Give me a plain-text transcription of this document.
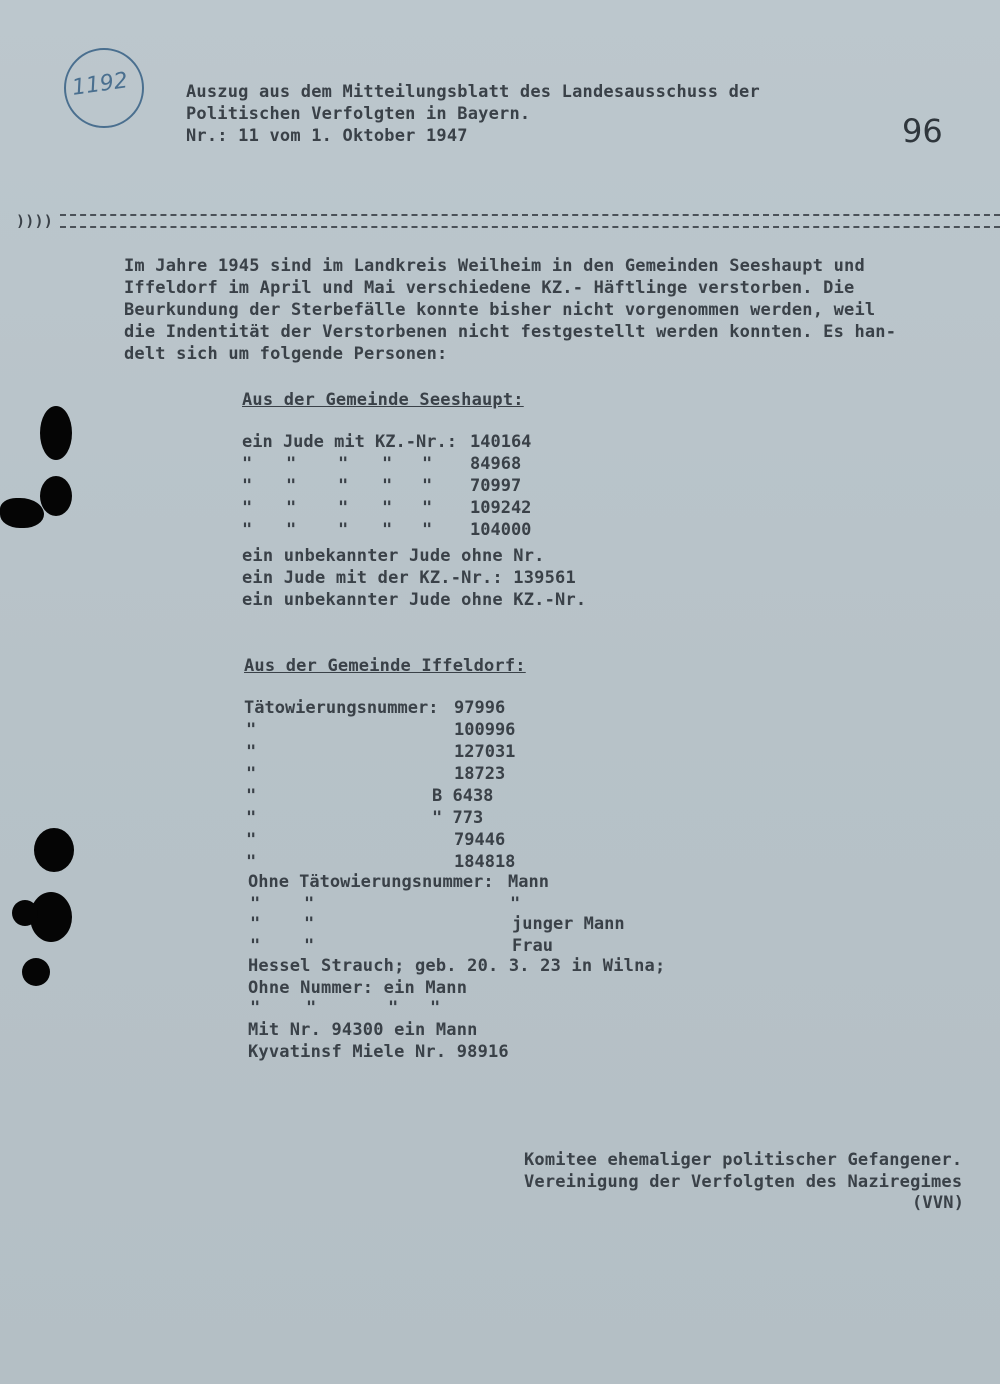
1192	Auszug aus dem Mitteilungsblatt des Landesausschuss der
Politischen Verfolgten in Bayern.
Nr.: 11 vom 1. Oktober 1947	96
))))
Im Jahre 1945 sind im Landkreis Weilheim in den Gemeinden Seeshaupt und
Iffeldorf im April und Mai verschiedene KZ.- Häftlinge verstorben. Die
Beurkundung der Sterbefälle konnte bisher nicht vorgenommen werden, weil
die Indentität der Verstorbenen nicht festgestellt werden konnten. Es han-
delt sich um folgende Personen:
Aus der Gemeinde Seeshaupt:
ein Jude mit KZ.-Nr.: 140164
" " " " " 84968
" " " " " 70997
" " " " " 109242
" " " " " 104000
ein unbekannter Jude ohne Nr.
ein Jude mit der KZ.-Nr.: 139561
ein unbekannter Jude ohne KZ.-Nr.
Aus der Gemeinde Iffeldorf:
Tätowierungsnummer: 97996
"	100996
"	127031
"	18723
"	B 6438
"	" 773
"	79446
"	184818
Ohne Tätowierungsnummer: Mann
"	"	"
"	"	junger Mann
"	"	Frau
Hessel Strauch; geb. 20. 3. 23 in Wilna;
Ohne Nummer: ein Mann
"	"	" "
Mit Nr. 94300 ein Mann
Kyvatinsf Miele Nr. 98916
Komitee ehemaliger politischer Gefangener.
Vereinigung der Verfolgten des Naziregimes
(VVN)
